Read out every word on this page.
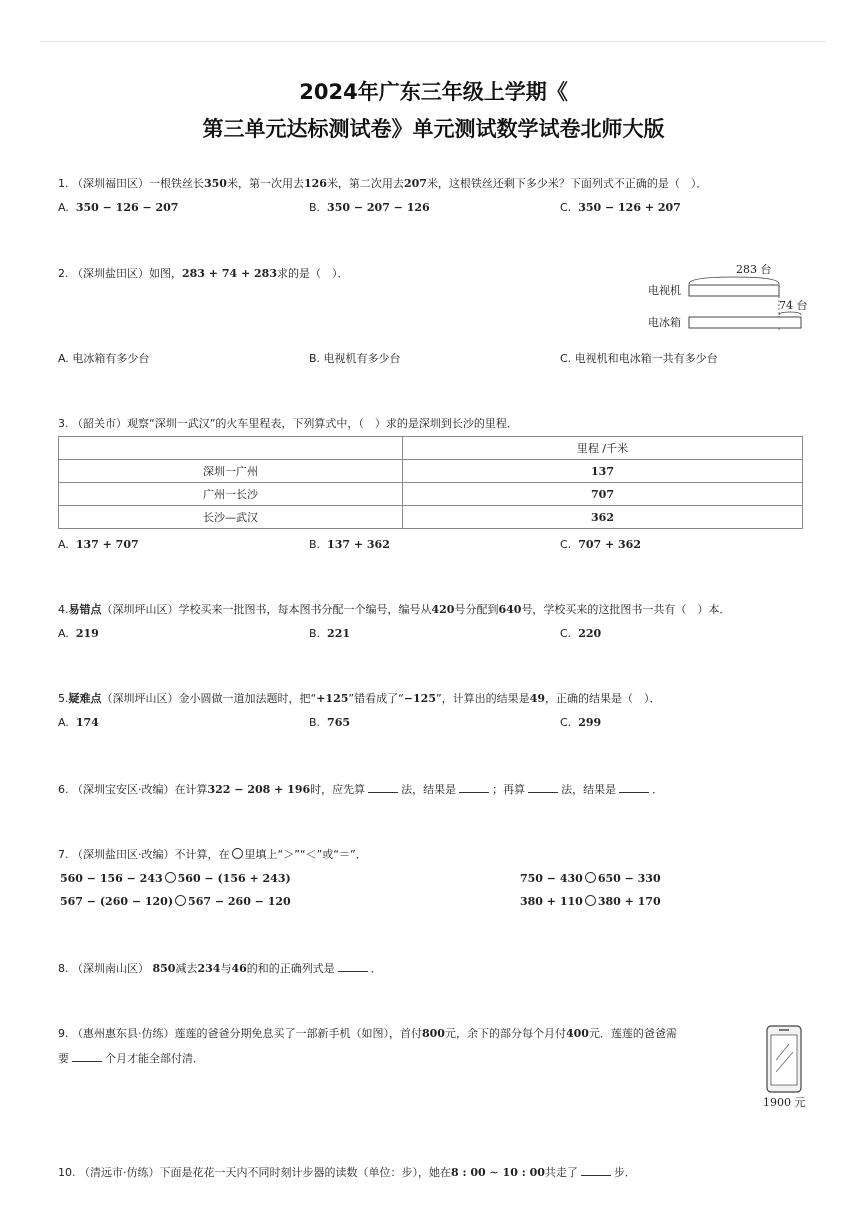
2024年广东三年级上学期《
第三单元达标测试卷》单元测试数学试卷北师大版
1. （深圳福田区）一根铁丝长350米，第一次用去126米，第二次用去207米，这根铁丝还剩下多少米？下面列式不正确的是（　）．
A. 350 − 126 − 207	B. 350 − 207 − 126	C. 350 − 126 + 207
2. （深圳盐田区）如图，283 + 74 + 283求的是（　）．	283 台
电视机
74 台
电冰箱
A. 电冰箱有多少台	B. 电视机有多少台	C. 电视机和电冰箱一共有多少台
3. （韶关市）观察“深圳一武汉”的火车里程表，下列算式中，（　）求的是深圳到长沙的里程．
	里程 /千米
深圳一广州	137
广州一长沙	707
长沙—武汉	362
A. 137 + 707	B. 137 + 362	C. 707 + 362
4.易错点（深圳坪山区）学校买来一批图书，每本图书分配一个编号，编号从420号分配到640号，学校买来的这批图书一共有（　）本．
A. 219	B. 221	C. 220
5.疑难点（深圳坪山区）金小圆做一道加法题时，把“+125”错看成了“−125”，计算出的结果是49，正确的结果是（　）．
A. 174	B. 765	C. 299
6. （深圳宝安区·改编）在计算322 − 208 + 196时，应先算	法，结果是	；再算	法，结果是	．
7. （深圳盐田区·改编）不计算，在 里填上“＞”“＜”或“＝”．
560 − 156 − 243 560 − (156 + 243)	750 − 430 650 − 330
567 − (260 − 120) 567 − 260 − 120	380 + 110 380 + 170
8. （深圳南山区） 850减去234与46的和的正确列式是	．
9. （惠州惠东县·仿练）莲莲的爸爸分期免息买了一部新手机（如图），首付800元，余下的部分每个月付400元．莲莲的爸爸需
要	个月才能全部付清．
1900 元
10. （清远市·仿练）下面是花花一天内不同时刻计步器的读数（单位：步），她在8 : 00 ∼ 10 : 00共走了	步．
